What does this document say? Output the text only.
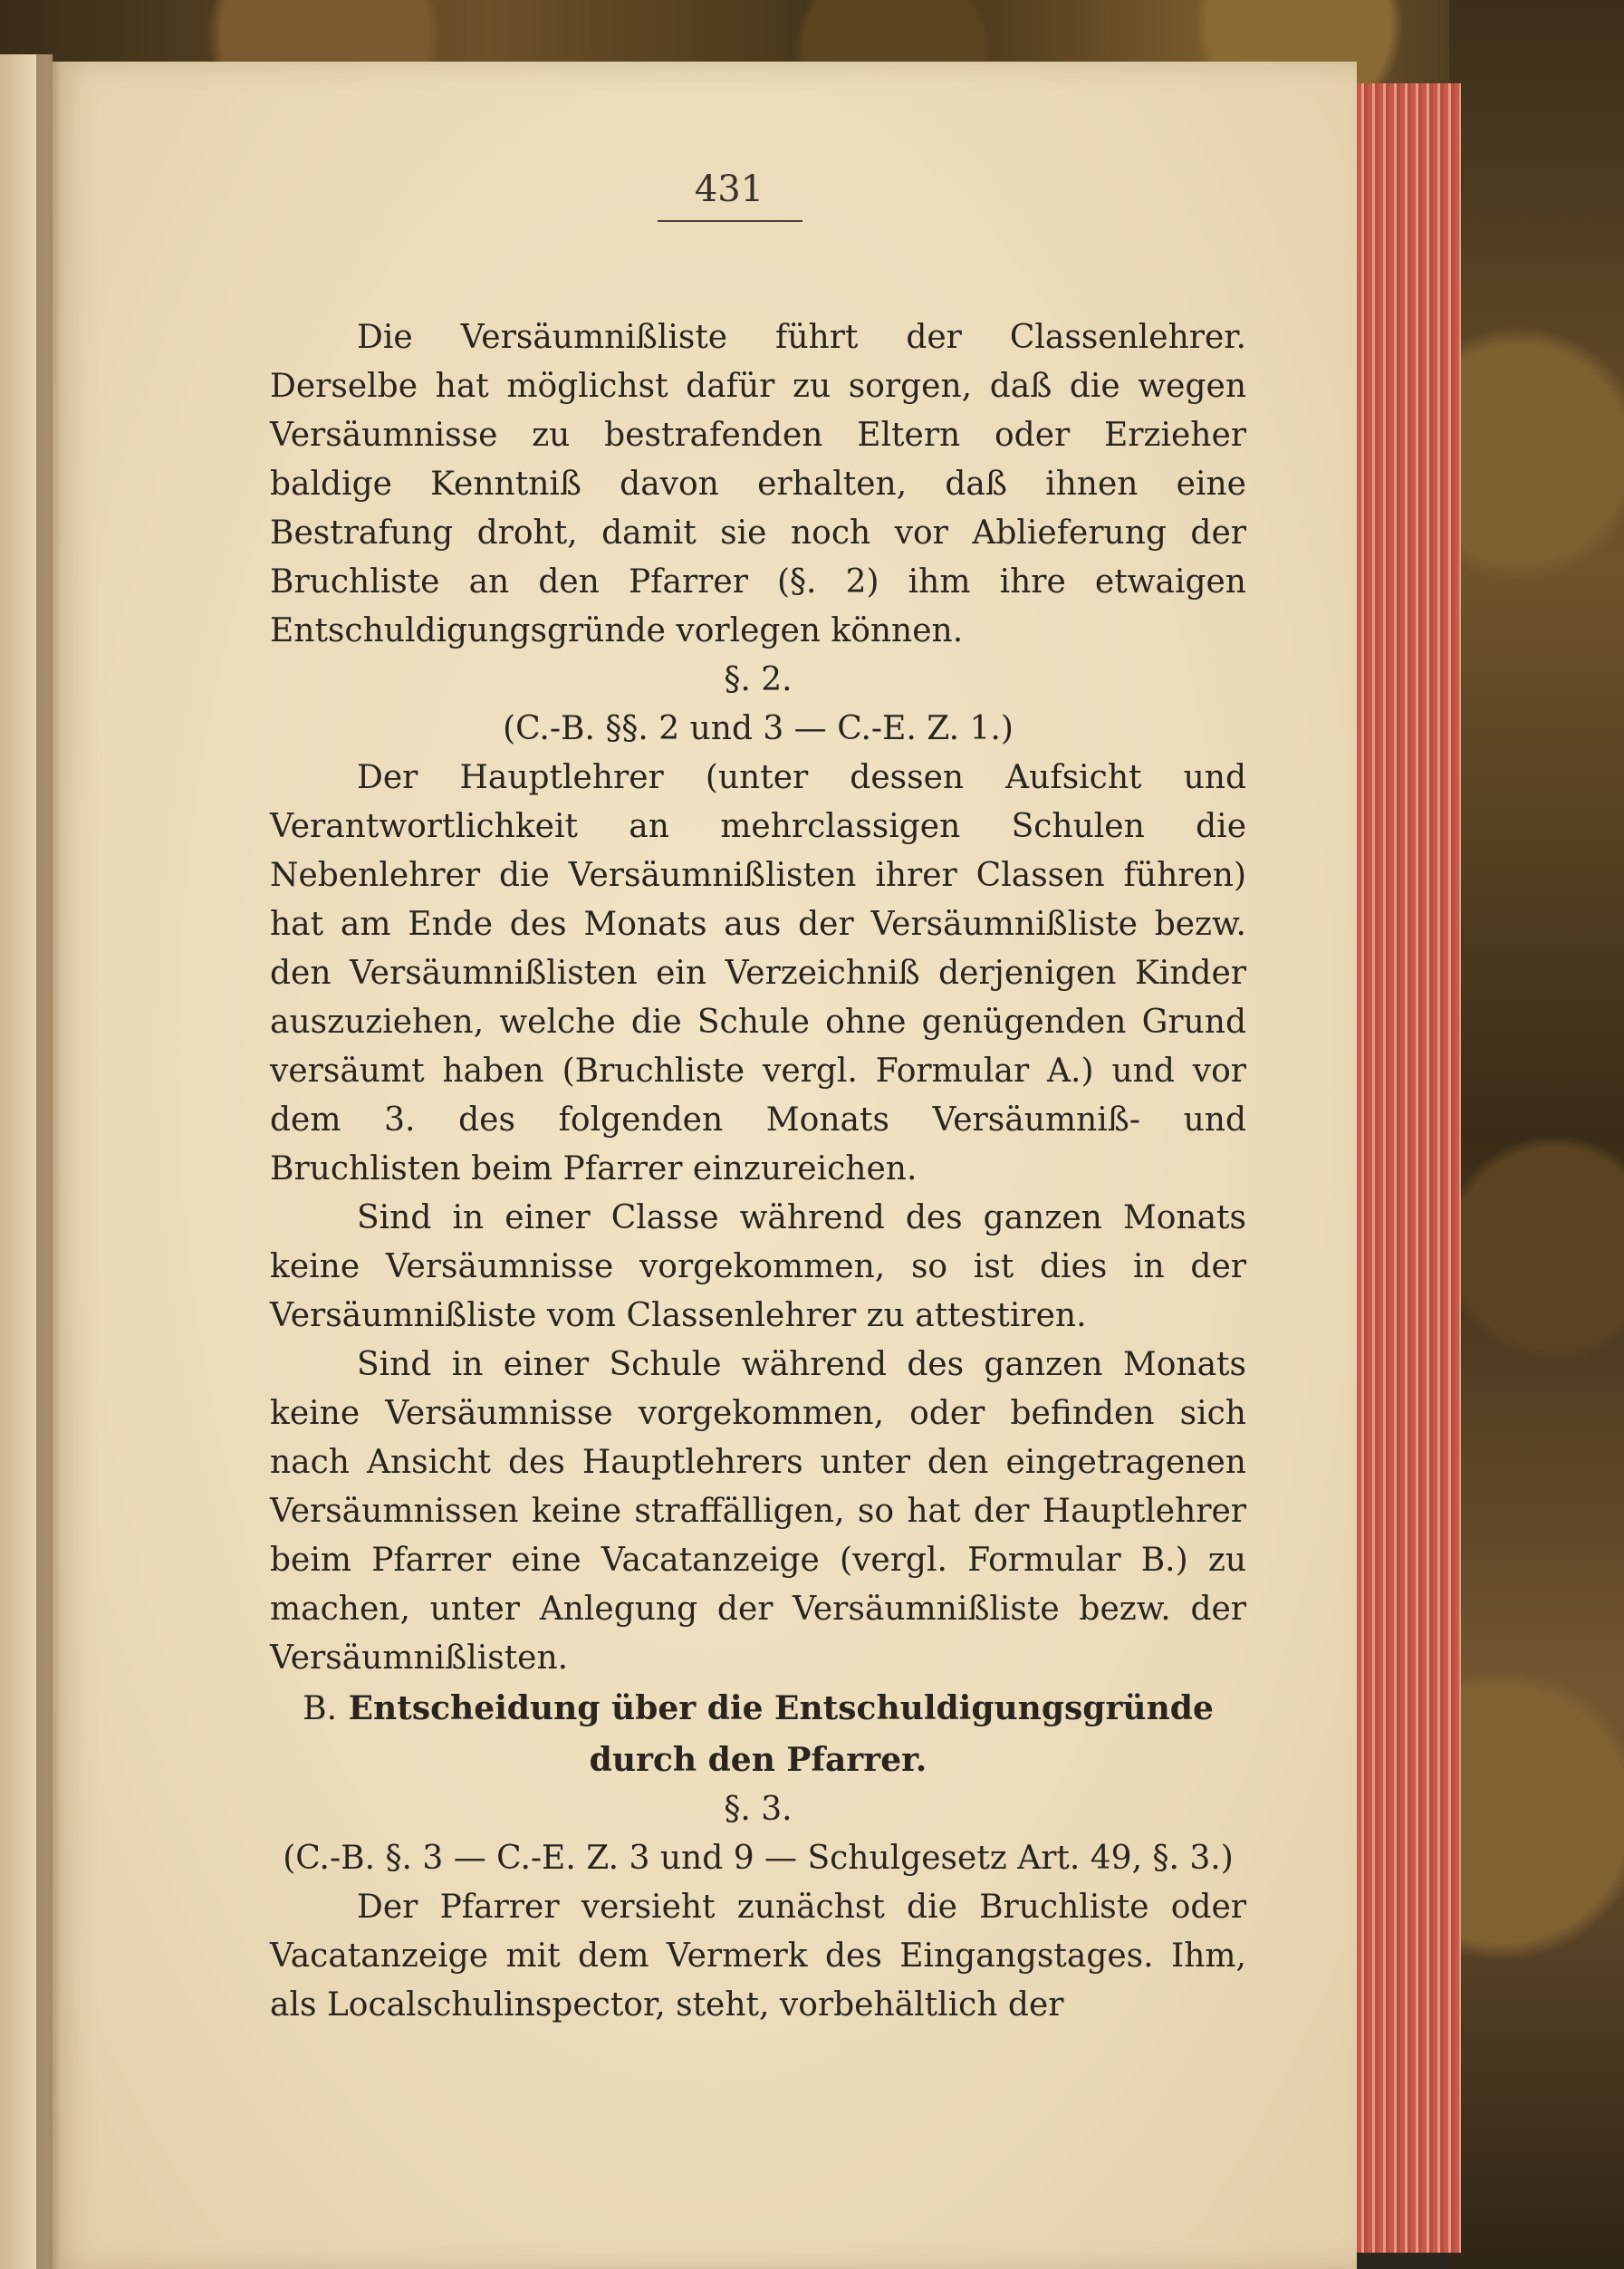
431

Die Versäumnißliste führt der Classenlehrer. Derselbe hat möglichst dafür zu sorgen, daß die wegen Versäumnisse zu bestrafenden Eltern oder Erzieher baldige Kenntniß davon erhalten, daß ihnen eine Bestrafung droht, damit sie noch vor Ablieferung der Bruchliste an den Pfarrer (§. 2) ihm ihre etwaigen Entschuldigungsgründe vorlegen können.

§. 2.
(C.-B. §§. 2 und 3 — C.-E. Z. 1.)

Der Hauptlehrer (unter dessen Aufsicht und Verantwortlichkeit an mehrclassigen Schulen die Nebenlehrer die Versäumnißlisten ihrer Classen führen) hat am Ende des Monats aus der Versäumnißliste bezw. den Versäumnißlisten ein Verzeichniß derjenigen Kinder auszuziehen, welche die Schule ohne genügenden Grund versäumt haben (Bruchliste vergl. Formular A.) und vor dem 3. des folgenden Monats Versäumniß- und Bruchlisten beim Pfarrer einzureichen.

Sind in einer Classe während des ganzen Monats keine Versäumnisse vorgekommen, so ist dies in der Versäumnißliste vom Classenlehrer zu attestiren.

Sind in einer Schule während des ganzen Monats keine Versäumnisse vorgekommen, oder befinden sich nach Ansicht des Hauptlehrers unter den eingetragenen Versäumnissen keine straffälligen, so hat der Hauptlehrer beim Pfarrer eine Vacatanzeige (vergl. Formular B.) zu machen, unter Anlegung der Versäumnißliste bezw. der Versäumnißlisten.

B. Entscheidung über die Entschuldigungsgründe durch den Pfarrer.
§. 3.
(C.-B. §. 3 — C.-E. Z. 3 und 9 — Schulgesetz Art. 49, §. 3.)

Der Pfarrer versieht zunächst die Bruchliste oder Vacatanzeige mit dem Vermerk des Eingangstages. Ihm, als Localschulinspector, steht, vorbehältlich der
